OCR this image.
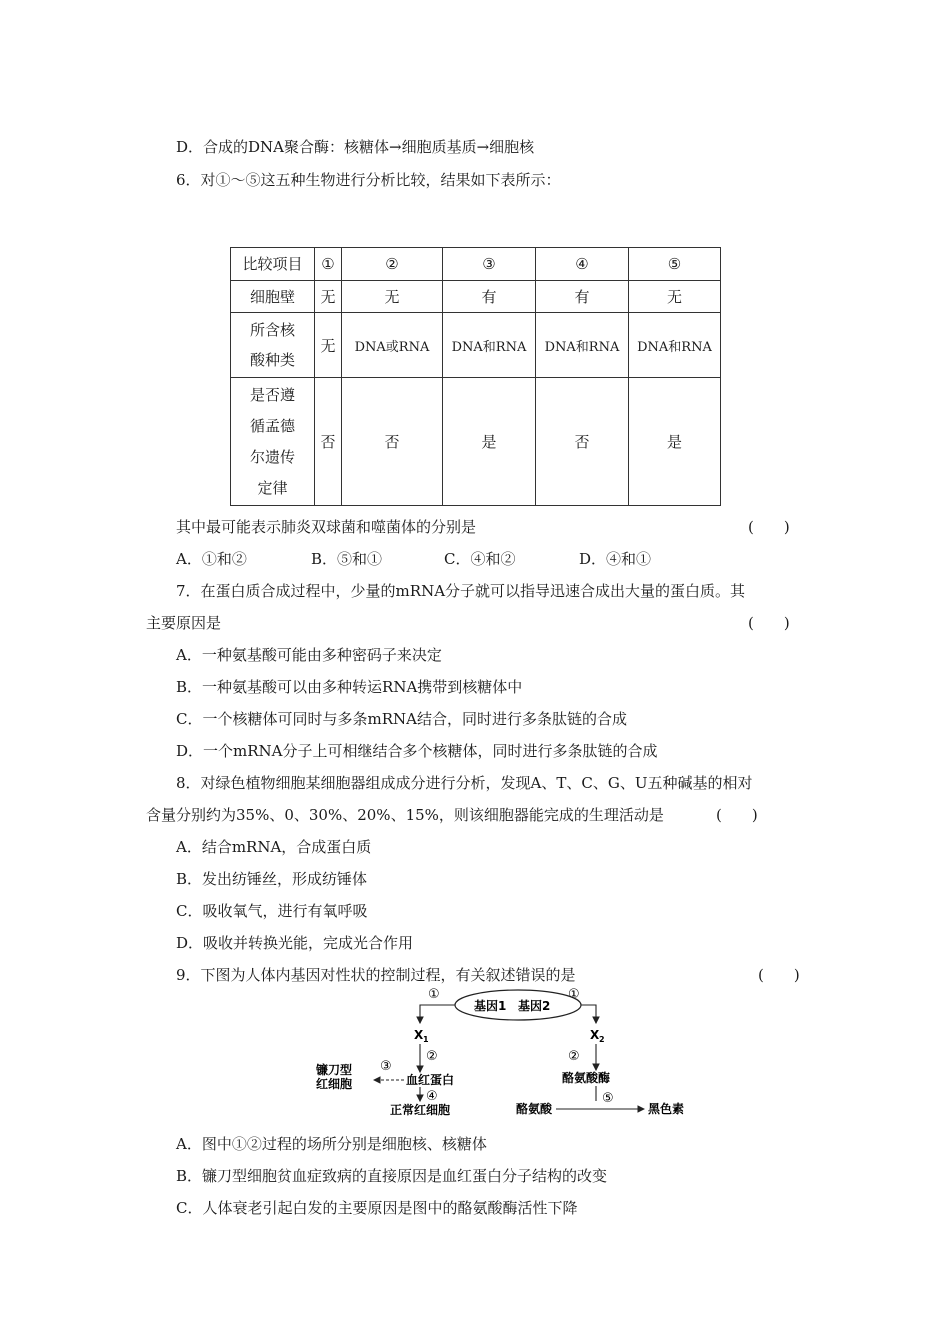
D．合成的DNA聚合酶：核糖体→细胞质基质→细胞核
6．对①～⑤这五种生物进行分析比较，结果如下表所示：
比较项目	①	②	③	④	⑤
细胞壁	无	无	有	有	无

所含核
酸种类	无	DNA或RNA	DNA和RNA	DNA和RNA	DNA和RNA

是否遵
循孟德
尔遗传
定律	否	否	是	否	是
其中最可能表示肺炎双球菌和噬菌体的分别是	(　　)
A．①和②	B．⑤和①	C．④和②	D．④和①
7．在蛋白质合成过程中，少量的mRNA分子就可以指导迅速合成出大量的蛋白质。其
主要原因是	(　　)
A．一种氨基酸可能由多种密码子来决定
B．一种氨基酸可以由多种转运RNA携带到核糖体中
C．一个核糖体可同时与多条mRNA结合，同时进行多条肽链的合成
D．一个mRNA分子上可相继结合多个核糖体，同时进行多条肽链的合成
8．对绿色植物细胞某细胞器组成成分进行分析，发现A、T、C、G、U五种碱基的相对
含量分别约为35%、0、30%、20%、15%，则该细胞器能完成的生理活动是	(　　)
A．结合mRNA，合成蛋白质
B．发出纺锤丝，形成纺锤体
C．吸收氧气，进行有氧呼吸
D．吸收并转换光能，完成光合作用
9．下图为人体内基因对性状的控制过程，有关叙述错误的是	(　　)
基因1 基因2
①
X 1
②
血红蛋白
③
镰刀型
红细胞
④
正常红细胞
①
X 2
②
酪氨酸酶
⑤
酪氨酸	黑色素
A．图中①②过程的场所分别是细胞核、核糖体
B．镰刀型细胞贫血症致病的直接原因是血红蛋白分子结构的改变
C．人体衰老引起白发的主要原因是图中的酪氨酸酶活性下降
